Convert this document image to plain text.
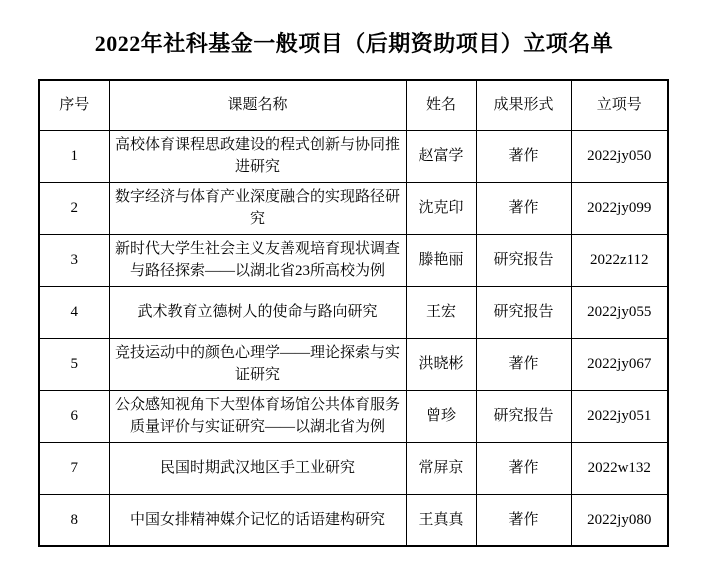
2022年社科基金一般项目（后期资助项目）立项名单
序号	课题名称	姓名	成果形式	立项号
1	高校体育课程思政建设的程式创新与协同推进研究	赵富学	著作	2022jy050
2	数字经济与体育产业深度融合的实现路径研究	沈克印	著作	2022jy099
3	新时代大学生社会主义友善观培育现状调查与路径探索——以湖北省23所高校为例	滕艳丽	研究报告	2022z112
4	武术教育立德树人的使命与路向研究	王宏	研究报告	2022jy055
5	竞技运动中的颜色心理学——理论探索与实证研究	洪晓彬	著作	2022jy067
6	公众感知视角下大型体育场馆公共体育服务质量评价与实证研究——以湖北省为例	曾珍	研究报告	2022jy051
7	民国时期武汉地区手工业研究	常屏京	著作	2022w132
8	中国女排精神媒介记忆的话语建构研究	王真真	著作	2022jy080
